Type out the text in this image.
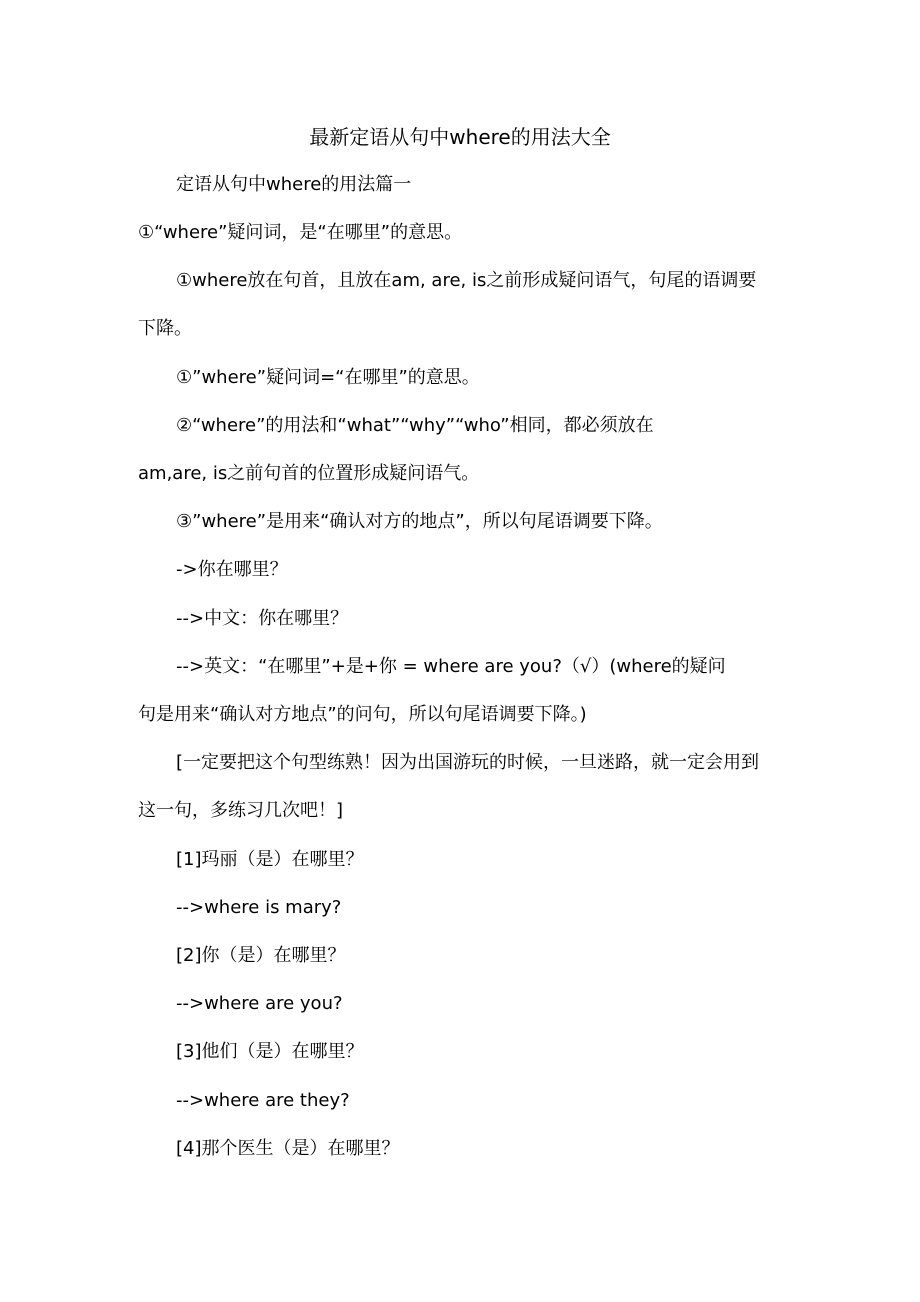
最新定语从句中where的用法大全
定语从句中where的用法篇一
①“where”疑问词，是“在哪里”的意思。
①where放在句首，且放在am, are, is之前形成疑问语气，句尾的语调要
下降。
①”where”疑问词=“在哪里”的意思。
②“where”的用法和“what”“why”“who”相同，都必须放在
am,are, is之前句首的位置形成疑问语气。
③”where”是用来“确认对方的地点”，所以句尾语调要下降。
->你在哪里？
-->中文：你在哪里？
-->英文：“在哪里”+是+你 = where are you?（√）(where的疑问
句是用来“确认对方地点”的问句，所以句尾语调要下降。)
[一定要把这个句型练熟！因为出国游玩的时候，一旦迷路，就一定会用到
这一句，多练习几次吧！]
[1]玛丽（是）在哪里？
-->where is mary?
[2]你（是）在哪里？
-->where are you?
[3]他们（是）在哪里？
-->where are they?
[4]那个医生（是）在哪里？
